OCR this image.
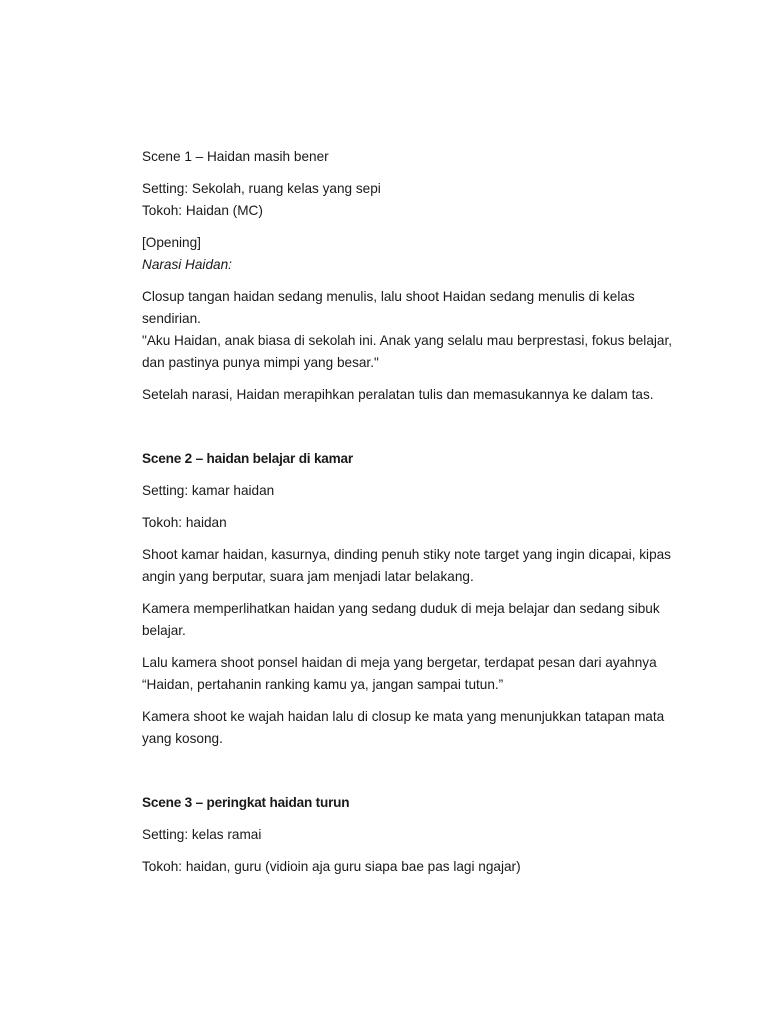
Scene 1 – Haidan masih bener

Setting: Sekolah, ruang kelas yang sepi

Tokoh: Haidan (MC)

[Opening]

Narasi Haidan:

Closup tangan haidan sedang menulis, lalu shoot Haidan sedang menulis di kelas sendirian.

"Aku Haidan, anak biasa di sekolah ini. Anak yang selalu mau berprestasi, fokus belajar, dan pastinya punya mimpi yang besar."

Setelah narasi, Haidan merapihkan peralatan tulis dan memasukannya ke dalam tas.

Scene 2 – haidan belajar di kamar

Setting: kamar haidan

Tokoh: haidan

Shoot kamar haidan, kasurnya, dinding penuh stiky note target yang ingin dicapai, kipas angin yang berputar, suara jam menjadi latar belakang.

Kamera memperlihatkan haidan yang sedang duduk di meja belajar dan sedang sibuk belajar.

Lalu kamera shoot ponsel haidan di meja yang bergetar, terdapat pesan dari ayahnya “Haidan, pertahanin ranking kamu ya, jangan sampai tutun.”

Kamera shoot ke wajah haidan lalu di closup ke mata yang menunjukkan tatapan mata yang kosong.

Scene 3 – peringkat haidan turun

Setting: kelas ramai

Tokoh: haidan, guru (vidioin aja guru siapa bae pas lagi ngajar)
